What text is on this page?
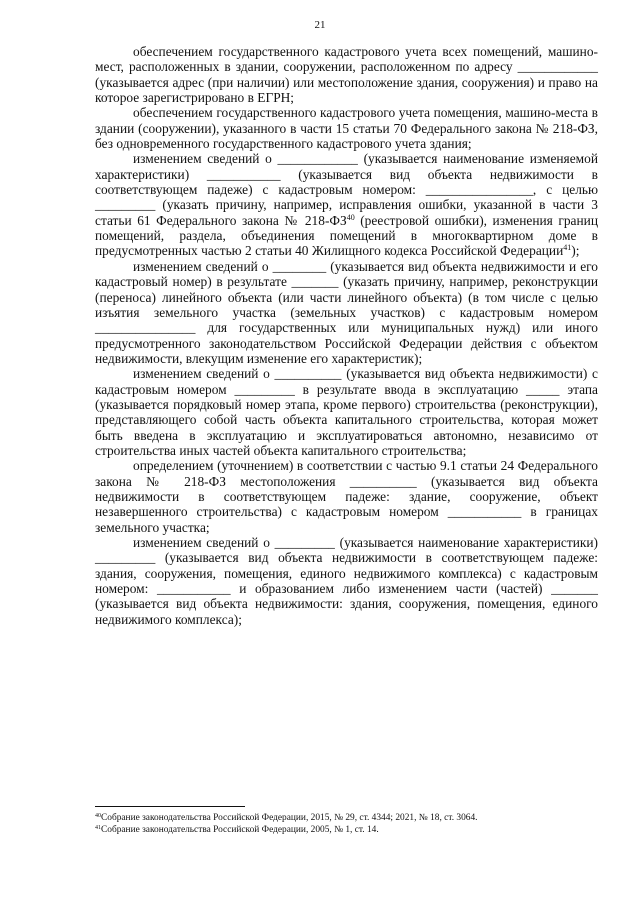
21

обеспечением государственного кадастрового учета всех помещений, машино-мест, расположенных в здании, сооружении, расположенном по адресу ____________ (указывается адрес (при наличии) или местоположение здания, сооружения) и право на которое зарегистрировано в ЕГРН;

обеспечением государственного кадастрового учета помещения, машино-места в здании (сооружении), указанного в части 15 статьи 70 Федерального закона № 218-ФЗ, без одновременного государственного кадастрового учета здания;

изменением сведений о ____________ (указывается наименование изменяемой характеристики) ___________ (указывается вид объекта недвижимости в соответствующем падеже) с кадастровым номером: ________________, с целью _________ (указать причину, например, исправления ошибки, указанной в части 3 статьи 61 Федерального закона № 218-ФЗ$^{40}$ (реестровой ошибки), изменения границ помещений, раздела, объединения помещений в многоквартирном доме в предусмотренных частью 2 статьи 40 Жилищного кодекса Российской Федерации$^{41}$);

изменением сведений о ________ (указывается вид объекта недвижимости и его кадастровый номер) в результате _______ (указать причину, например, реконструкции (переноса) линейного объекта (или части линейного объекта) (в том числе с целью изъятия земельного участка (земельных участков) с кадастровым номером _______________ для государственных или муниципальных нужд) или иного предусмотренного законодательством Российской Федерации действия с объектом недвижимости, влекущим изменение его характеристик);

изменением сведений о __________ (указывается вид объекта недвижимости) с кадастровым номером _________ в результате ввода в эксплуатацию _____ этапа (указывается порядковый номер этапа, кроме первого) строительства (реконструкции), представляющего собой часть объекта капитального строительства, которая может быть введена в эксплуатацию и эксплуатироваться автономно, независимо от строительства иных частей объекта капитального строительства;

определением (уточнением) в соответствии с частью 9.1 статьи 24 Федерального закона № 218-ФЗ местоположения __________ (указывается вид объекта недвижимости в соответствующем падеже: здание, сооружение, объект незавершенного строительства) с кадастровым номером ___________ в границах земельного участка;

изменением сведений о _________ (указывается наименование характеристики) _________ (указывается вид объекта недвижимости в соответствующем падеже: здания, сооружения, помещения, единого недвижимого комплекса) с кадастровым номером: ___________ и образованием либо изменением части (частей) _______ (указывается вид объекта недвижимости: здания, сооружения, помещения, единого недвижимого комплекса);

$^{40}$Собрание законодательства Российской Федерации, 2015, № 29, ст. 4344; 2021, № 18, ст. 3064.
$^{41}$Собрание законодательства Российской Федерации, 2005, № 1, ст. 14.
